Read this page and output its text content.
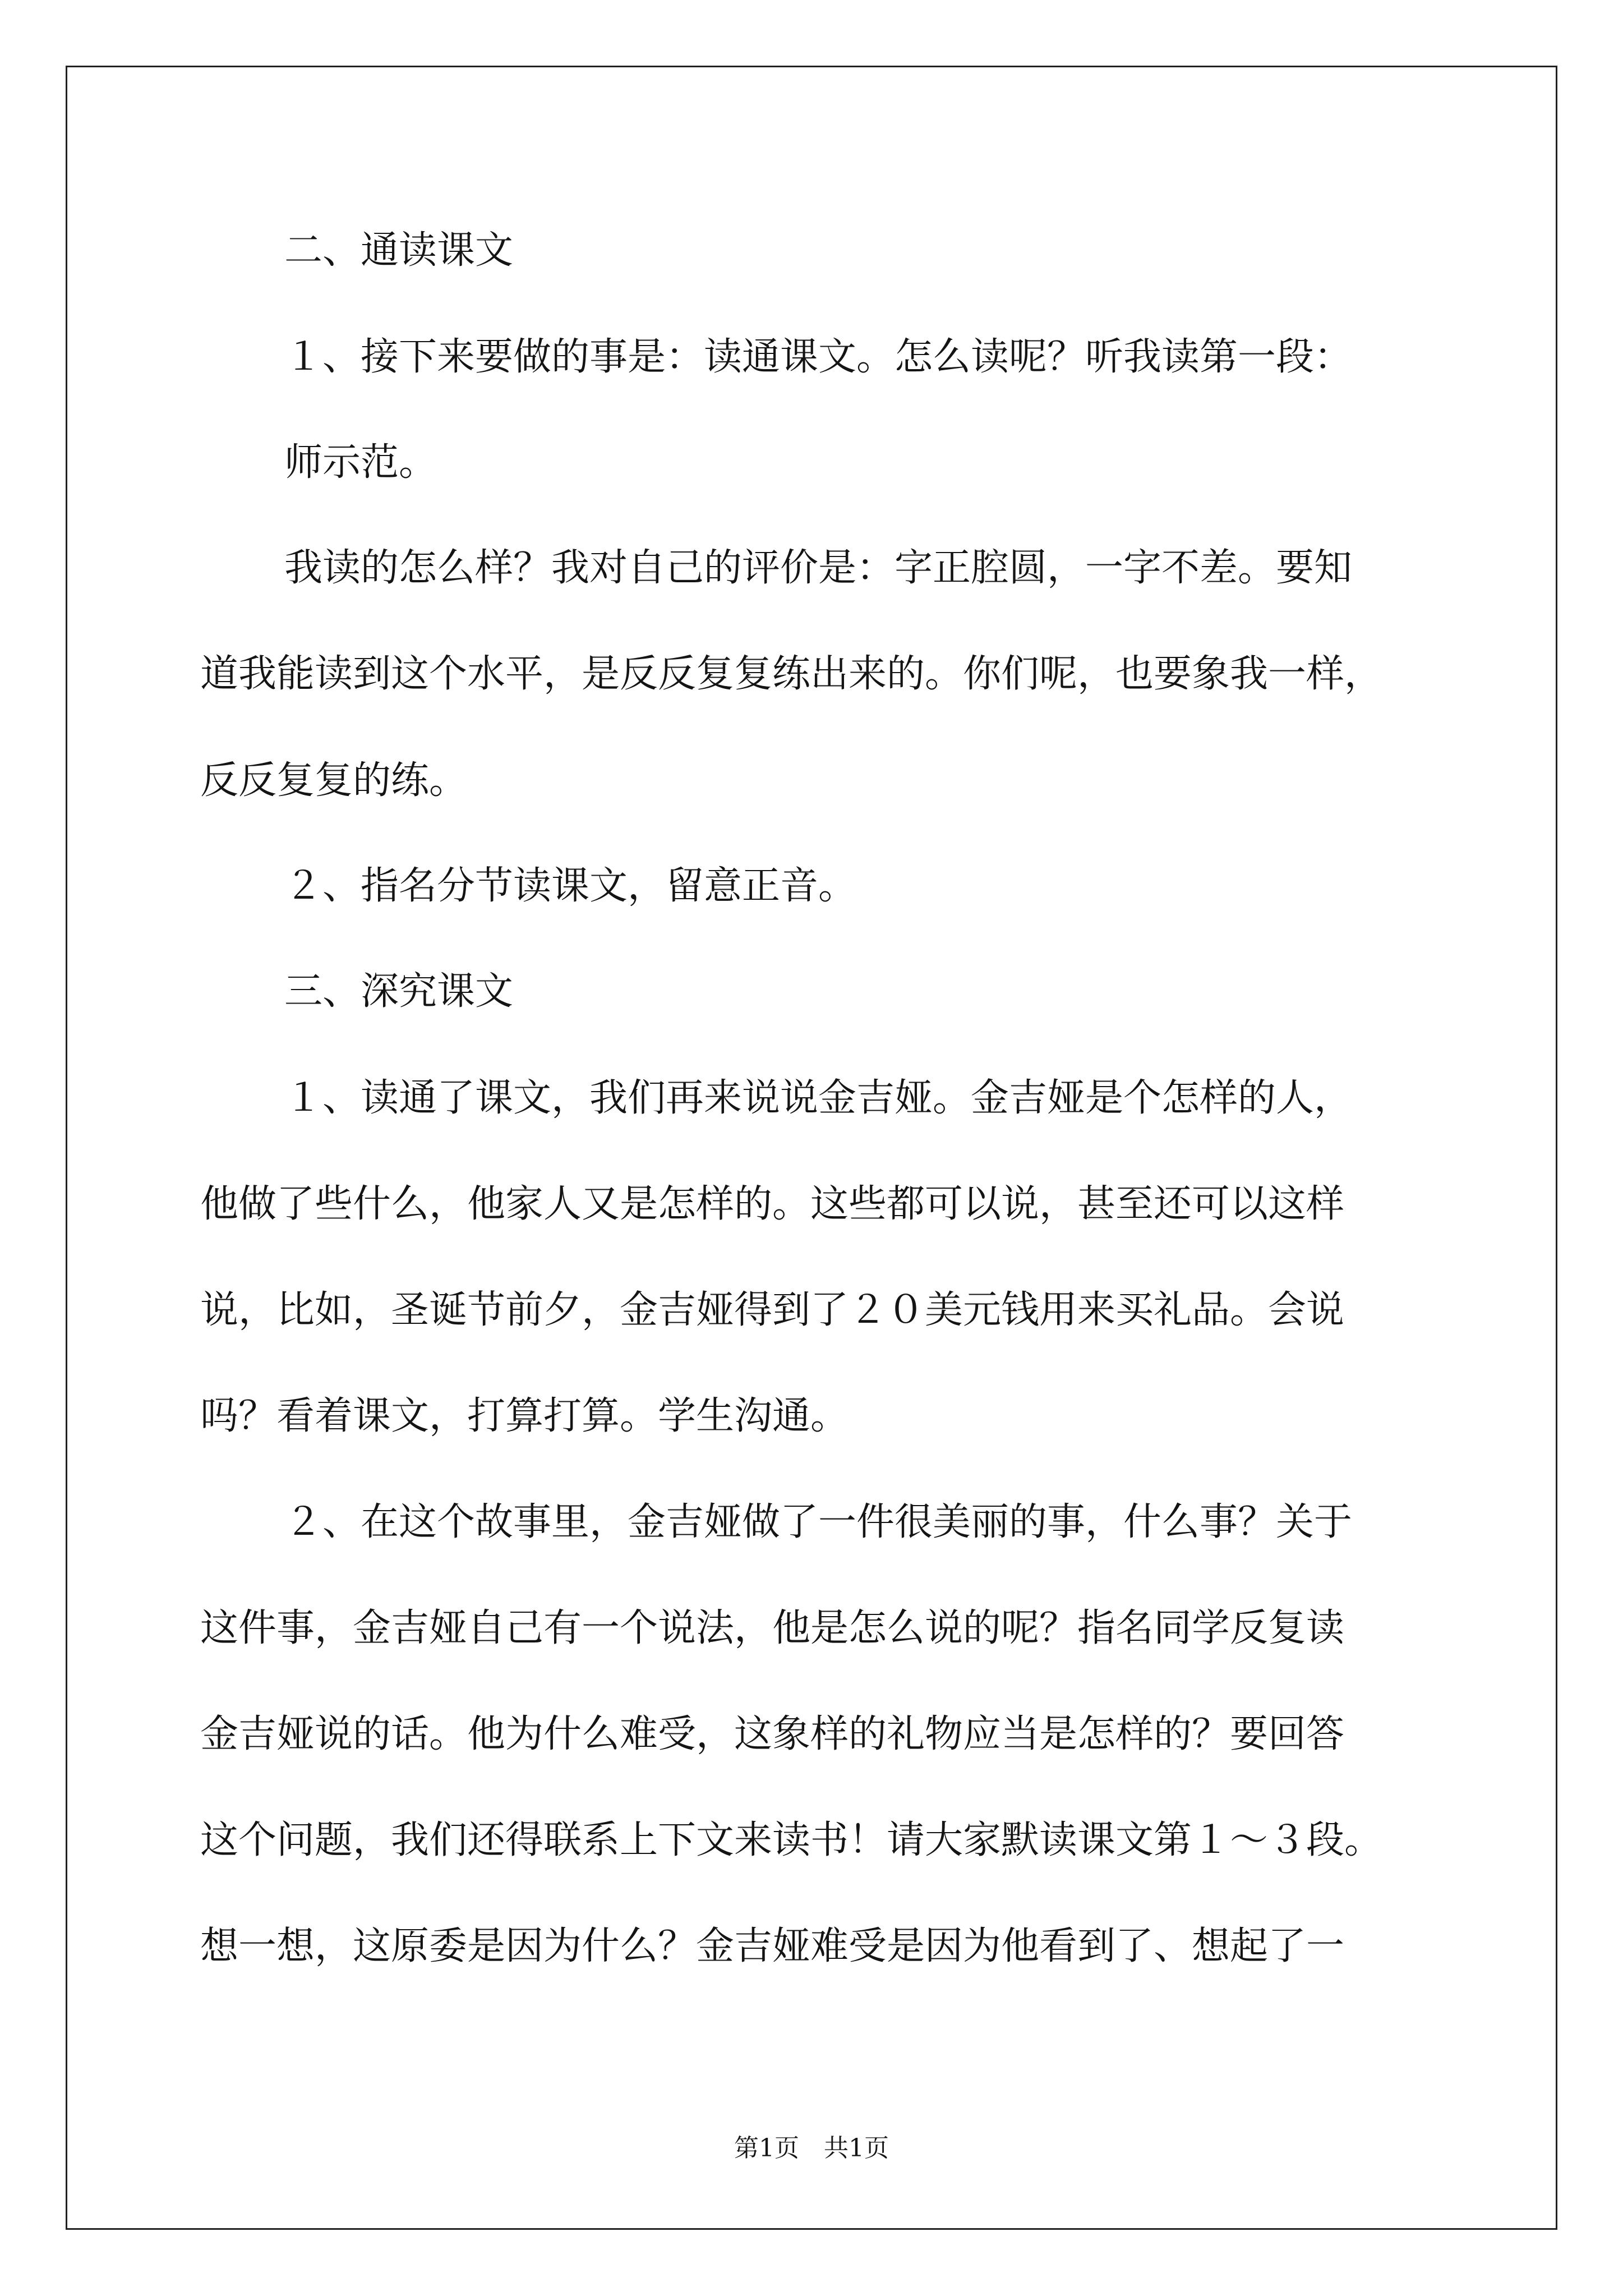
二、通读课文
１、接下来要做的事是：读通课文。怎么读呢？听我读第一段：
师示范。
我读的怎么样？我对自己的评价是：字正腔圆，一字不差。要知
道我能读到这个水平，是反反复复练出来的。你们呢，也要象我一样，
反反复复的练。
２、指名分节读课文，留意正音。
三、深究课文
１、读通了课文，我们再来说说金吉娅。金吉娅是个怎样的人，
他做了些什么，他家人又是怎样的。这些都可以说，甚至还可以这样
说，比如，圣诞节前夕，金吉娅得到了２０美元钱用来买礼品。会说
吗？看着课文，打算打算。学生沟通。
２、在这个故事里，金吉娅做了一件很美丽的事，什么事？关于
这件事，金吉娅自己有一个说法，他是怎么说的呢？指名同学反复读
金吉娅说的话。他为什么难受，这象样的礼物应当是怎样的？要回答
这个问题，我们还得联系上下文来读书！请大家默读课文第１～３段。
想一想，这原委是因为什么？金吉娅难受是因为他看到了、想起了一
第1页　共1页
